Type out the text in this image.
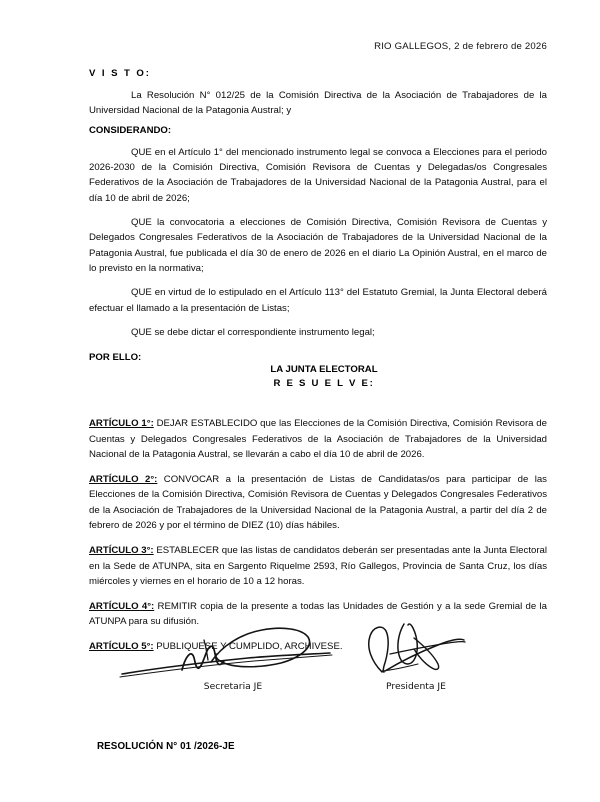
RIO GALLEGOS, 2 de febrero de 2026
V I S T O:

La Resolución N° 012/25 de la Comisión Directiva de la Asociación de Trabajadores de la Universidad Nacional de la Patagonia Austral; y

CONSIDERANDO:

QUE en el Artículo 1° del mencionado instrumento legal se convoca a Elecciones para el periodo 2026-2030 de la Comisión Directiva, Comisión Revisora de Cuentas y Delegadas/os Congresales Federativos de la Asociación de Trabajadores de la Universidad Nacional de la Patagonia Austral, para el día 10 de abril de 2026;

QUE la convocatoria a elecciones de Comisión Directiva, Comisión Revisora de Cuentas y Delegados Congresales Federativos de la Asociación de Trabajadores de la Universidad Nacional de la Patagonia Austral, fue publicada el día 30 de enero de 2026 en el diario La Opinión Austral, en el marco de lo previsto en la normativa;

QUE en virtud de lo estipulado en el Artículo 113° del Estatuto Gremial, la Junta Electoral deberá efectuar el llamado a la presentación de Listas;

QUE se debe dictar el correspondiente instrumento legal;

POR ELLO:
LA JUNTA ELECTORAL
R E S U E L V E:

ARTÍCULO 1°: DEJAR ESTABLECIDO que las Elecciones de la Comisión Directiva, Comisión Revisora de Cuentas y Delegados Congresales Federativos de la Asociación de Trabajadores de la Universidad Nacional de la Patagonia Austral, se llevarán a cabo el día 10 de abril de 2026.

ARTÍCULO 2°: CONVOCAR a la presentación de Listas de Candidatas/os para participar de las Elecciones de la Comisión Directiva, Comisión Revisora de Cuentas y Delegados Congresales Federativos de la Asociación de Trabajadores de la Universidad Nacional de la Patagonia Austral, a partir del día 2 de febrero de 2026 y por el término de DIEZ (10) días hábiles.

ARTÍCULO 3°: ESTABLECER que las listas de candidatos deberán ser presentadas ante la Junta Electoral en la Sede de ATUNPA, sita en Sargento Riquelme 2593, Río Gallegos, Provincia de Santa Cruz, los días miércoles y viernes en el horario de 10 a 12 horas.

ARTÍCULO 4°: REMITIR copia de la presente a todas las Unidades de Gestión y a la sede Gremial de la ATUNPA para su difusión.

ARTÍCULO 5°: PUBLIQUESE Y CUMPLIDO, ARCHIVESE.

Secretaria JE	Presidenta JE
RESOLUCIÓN N° 01 /2026-JE
